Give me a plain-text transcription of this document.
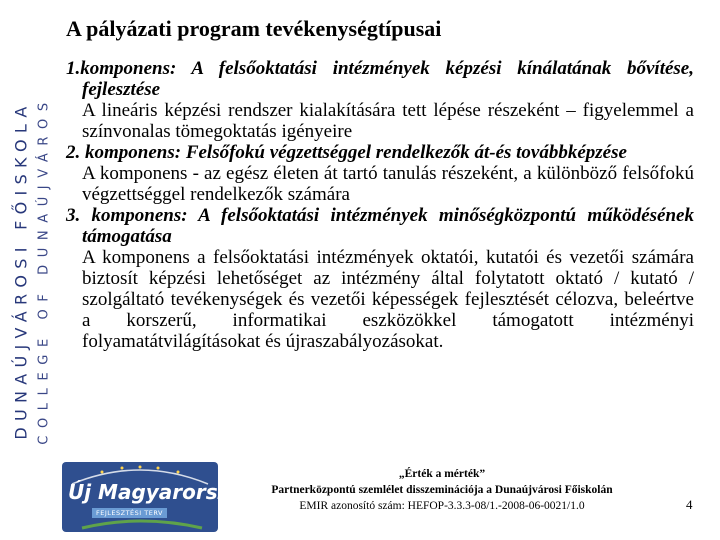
DUNAÚJVÁROSI FŐISKOLA COLLEGE OF DUNAÚJVÁROS
A pályázati program tevékenységtípusai
1.komponens: A felsőoktatási intézmények képzési kínálatának bővítése, fejlesztése
A lineáris képzési rendszer kialakítására tett lépése részeként – figyelemmel a színvonalas tömegoktatás igényeire
2. komponens: Felsőfokú végzettséggel rendelkezők át-és továbbképzése
A komponens - az egész életen át tartó tanulás részeként, a különböző felsőfokú végzettséggel rendelkezők számára
3. komponens: A felsőoktatási intézmények minőségközpontú működésének támogatása
A komponens a felsőoktatási intézmények oktatói, kutatói és vezetői számára biztosít képzési lehetőséget az intézmény által folytatott oktató / kutató / szolgáltató tevékenységek és vezetői képességek fejlesztését célozva, beleértve a korszerű, informatikai eszközökkel támogatott intézményi folyamatátvilágításokat és újraszabályozásokat.
Új Magyarország
FEJLESZTÉSI TERV
„Érték a mérték”
Partnerközpontú szemlélet disszeminációja a Dunaújvárosi Főiskolán
EMIR azonosító szám: HEFOP-3.3.3-08/1.-2008-06-0021/1.0	4
